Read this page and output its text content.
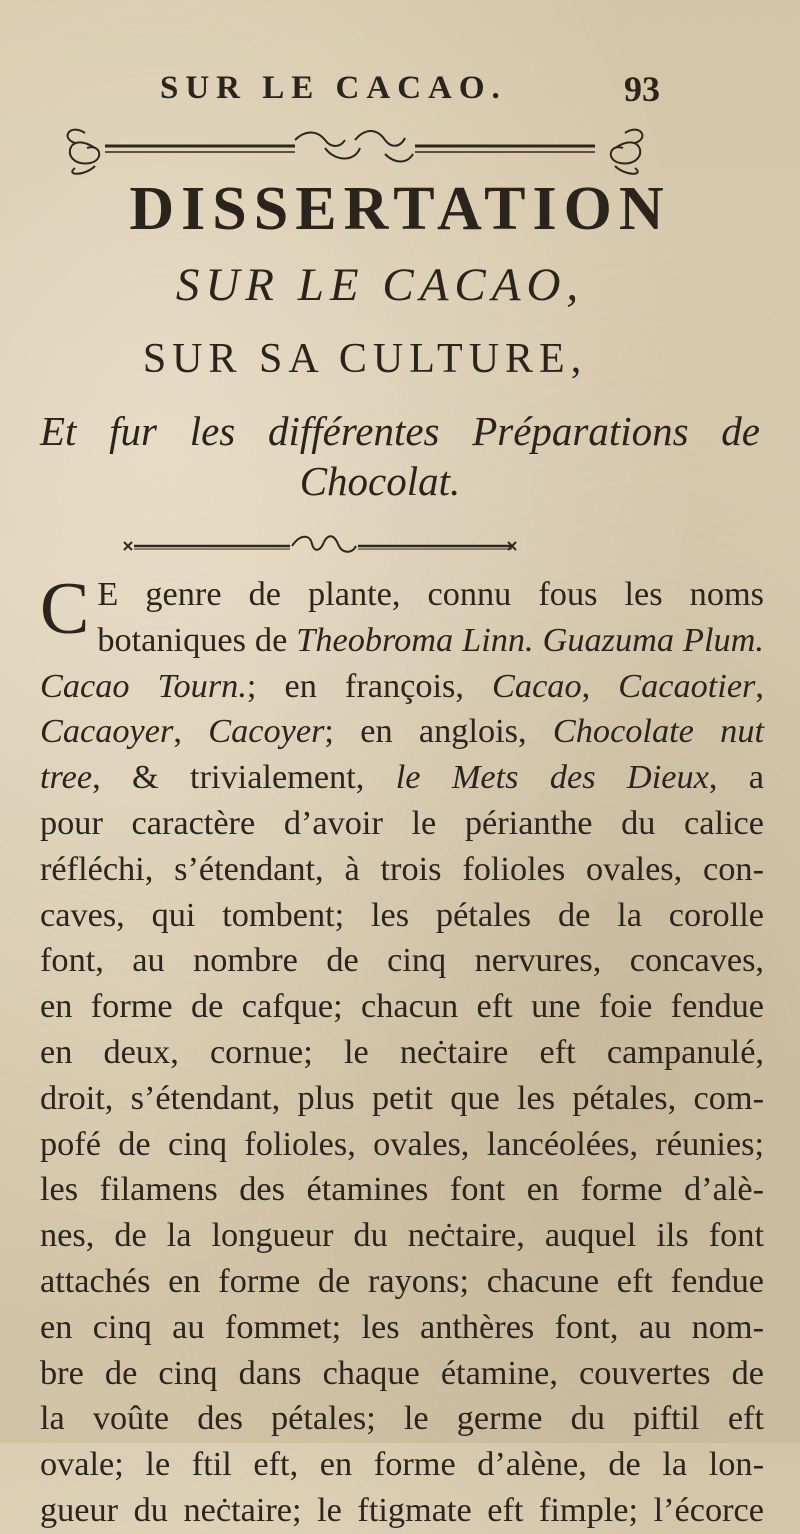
SUR LE CACAO.	93
DISSERTATION
SUR LE CACAO,
SUR SA CULTURE,
Et fur les différentes Préparations de
Chocolat.
C E genre de plante, connu fous les noms
botaniques de Theobroma Linn. Guazuma Plum.
Cacao Tourn.; en françois, Cacao, Cacaotier,
Cacaoyer, Cacoyer; en anglois, Chocolate nut
tree, & trivialement, le Mets des Dieux, a
pour caractère d’avoir le périanthe du calice
réfléchi, s’étendant, à trois folioles ovales, con-
caves, qui tombent; les pétales de la corolle
font, au nombre de cinq nervures, concaves,
en forme de cafque; chacun eft une foie fendue
en deux, cornue; le neċtaire eft campanulé,
droit, s’étendant, plus petit que les pétales, com-
pofé de cinq folioles, ovales, lancéolées, réunies;
les filamens des étamines font en forme d’alè-
nes, de la longueur du neċtaire, auquel ils font
attachés en forme de rayons; chacune eft fendue
en cinq au fommet; les anthères font, au nom-
bre de cinq dans chaque étamine, couvertes de
la voûte des pétales; le germe du piftil eft
ovale; le ftil eft, en forme d’alène, de la lon-
gueur du neċtaire; le ftigmate eft fimple; l’écorce
